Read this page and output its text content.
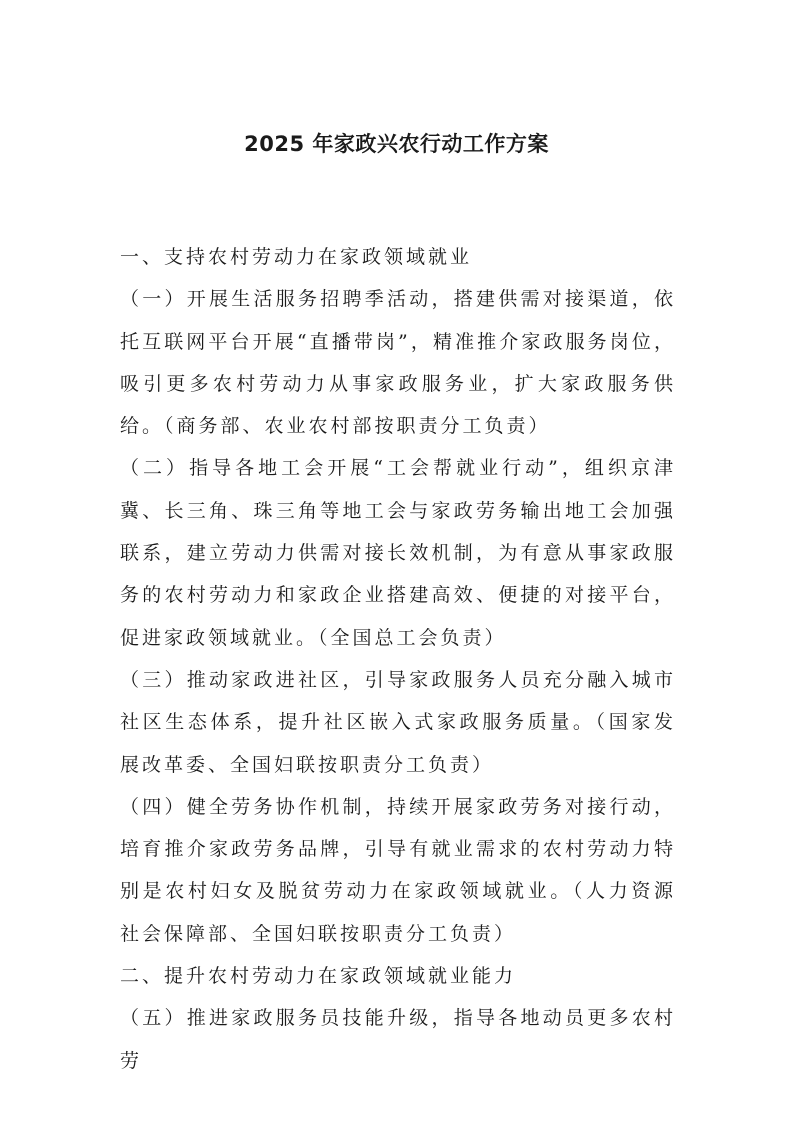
2025 年家政兴农行动工作方案

一、支持农村劳动力在家政领域就业

（一）开展生活服务招聘季活动，搭建供需对接渠道，依托互联网平台开展“直播带岗”，精准推介家政服务岗位，吸引更多农村劳动力从事家政服务业，扩大家政服务供给。（商务部、农业农村部按职责分工负责）

（二）指导各地工会开展“工会帮就业行动”，组织京津冀、长三角、珠三角等地工会与家政劳务输出地工会加强联系，建立劳动力供需对接长效机制，为有意从事家政服务的农村劳动力和家政企业搭建高效、便捷的对接平台，促进家政领域就业。（全国总工会负责）

（三）推动家政进社区，引导家政服务人员充分融入城市社区生态体系，提升社区嵌入式家政服务质量。（国家发展改革委、全国妇联按职责分工负责）

（四）健全劳务协作机制，持续开展家政劳务对接行动，培育推介家政劳务品牌，引导有就业需求的农村劳动力特别是农村妇女及脱贫劳动力在家政领域就业。（人力资源社会保障部、全国妇联按职责分工负责）

二、提升农村劳动力在家政领域就业能力

（五）推进家政服务员技能升级，指导各地动员更多农村劳
